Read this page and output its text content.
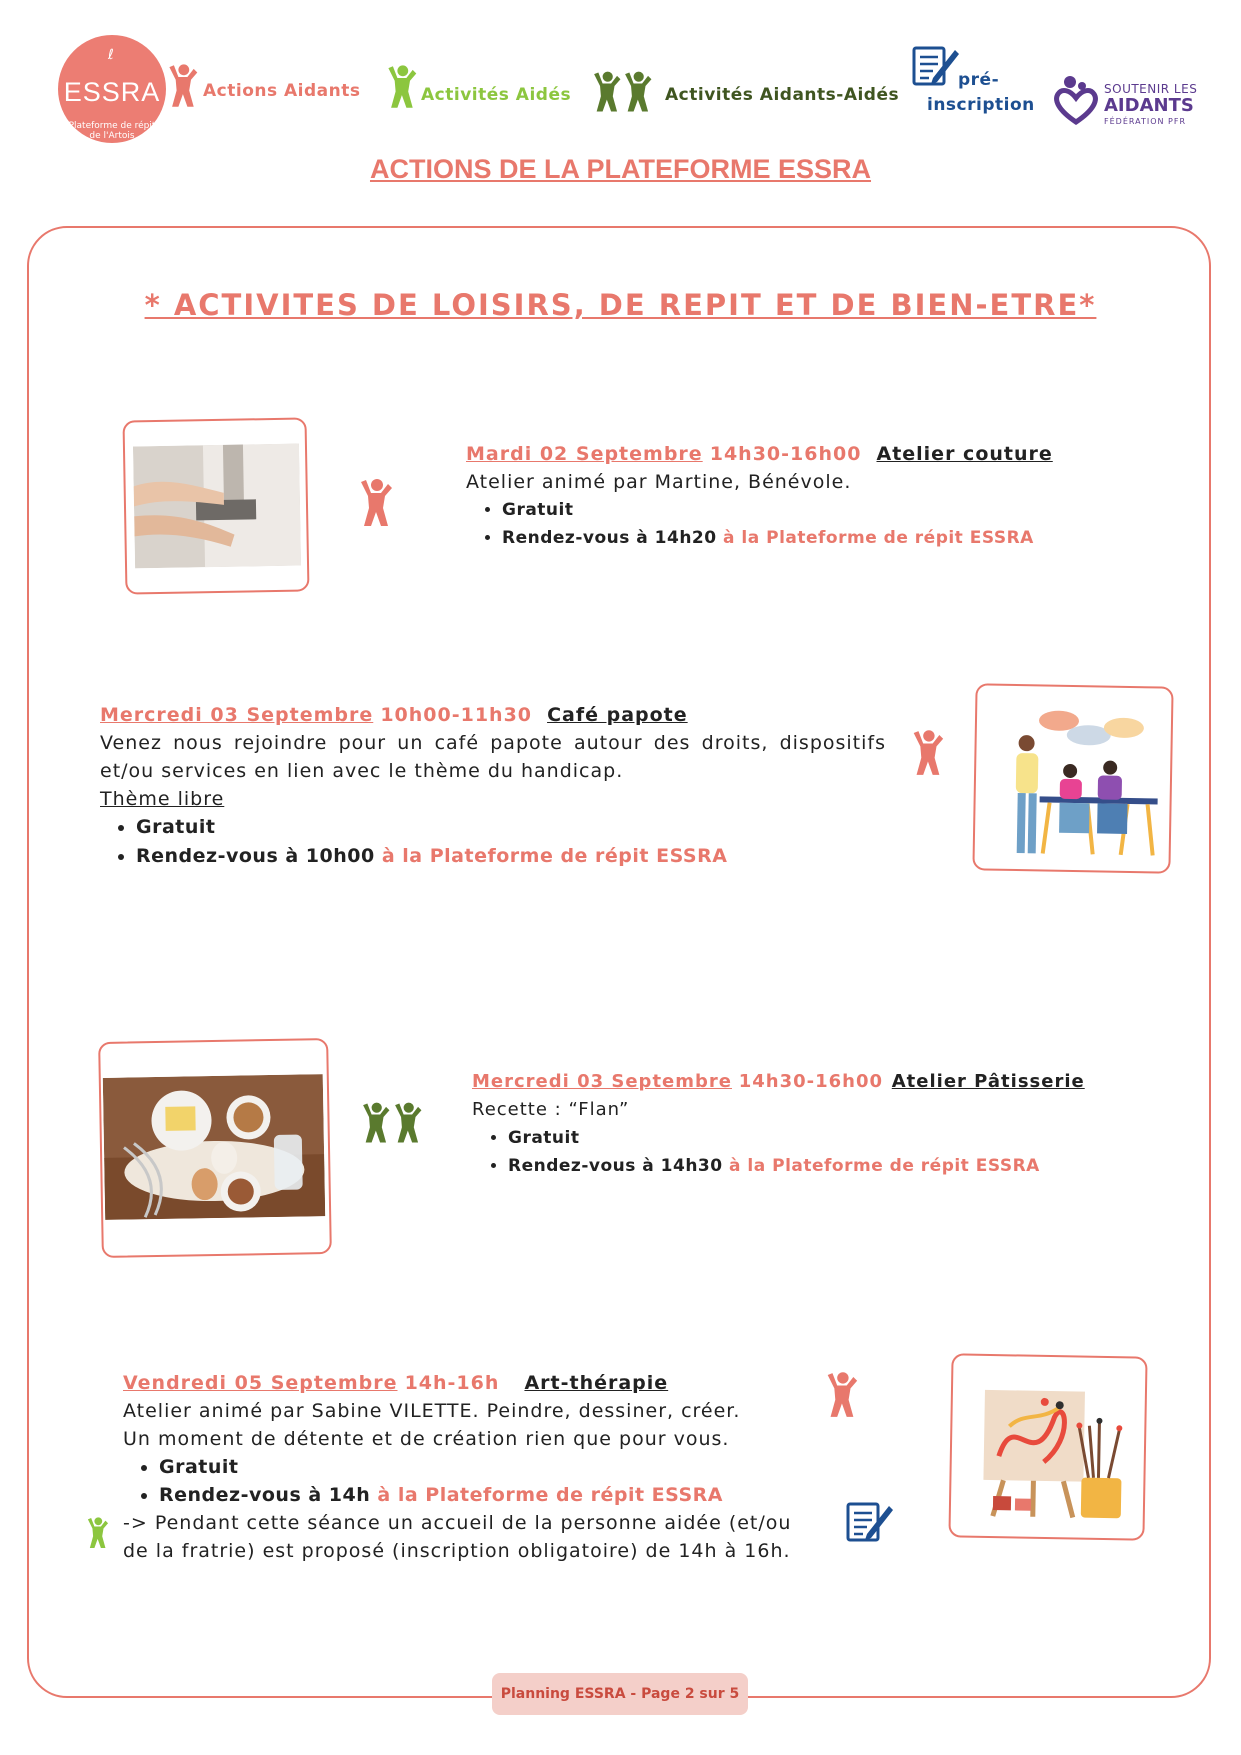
ℓ
ESSRA
Plateforme de répit
de l'Artois
Actions Aidants	Activités Aidés	Activités Aidants-Aidés
pré-
inscription
SOUTENIR LES
AIDANTS
FÉDÉRATION PFR
ACTIONS DE LA PLATEFORME ESSRA
* ACTIVITES DE LOISIRS, DE REPIT ET DE BIEN-ETRE*
Mardi 02 Septembre 14h30-16h00 Atelier couture
Atelier animé par Martine, Bénévole.
• Gratuit
• Rendez-vous à 14h20 à la Plateforme de répit ESSRA
Mercredi 03 Septembre 10h00-11h30 Café papote
Venez nous rejoindre pour un café papote autour des droits, dispositifs et/ou services en lien avec le thème du handicap.
Thème libre
• Gratuit
• Rendez-vous à 10h00 à la Plateforme de répit ESSRA
Mercredi 03 Septembre 14h30-16h00 Atelier Pâtisserie
Recette : “Flan”
• Gratuit
• Rendez-vous à 14h30 à la Plateforme de répit ESSRA
Vendredi 05 Septembre 14h-16h Art-thérapie
Atelier animé par Sabine VILETTE. Peindre, dessiner, créer.
Un moment de détente et de création rien que pour vous.
• Gratuit
• Rendez-vous à 14h à la Plateforme de répit ESSRA
-> Pendant cette séance un accueil de la personne aidée (et/ou de la fratrie) est proposé (inscription obligatoire) de 14h à 16h.
Planning ESSRA - Page 2 sur 5
